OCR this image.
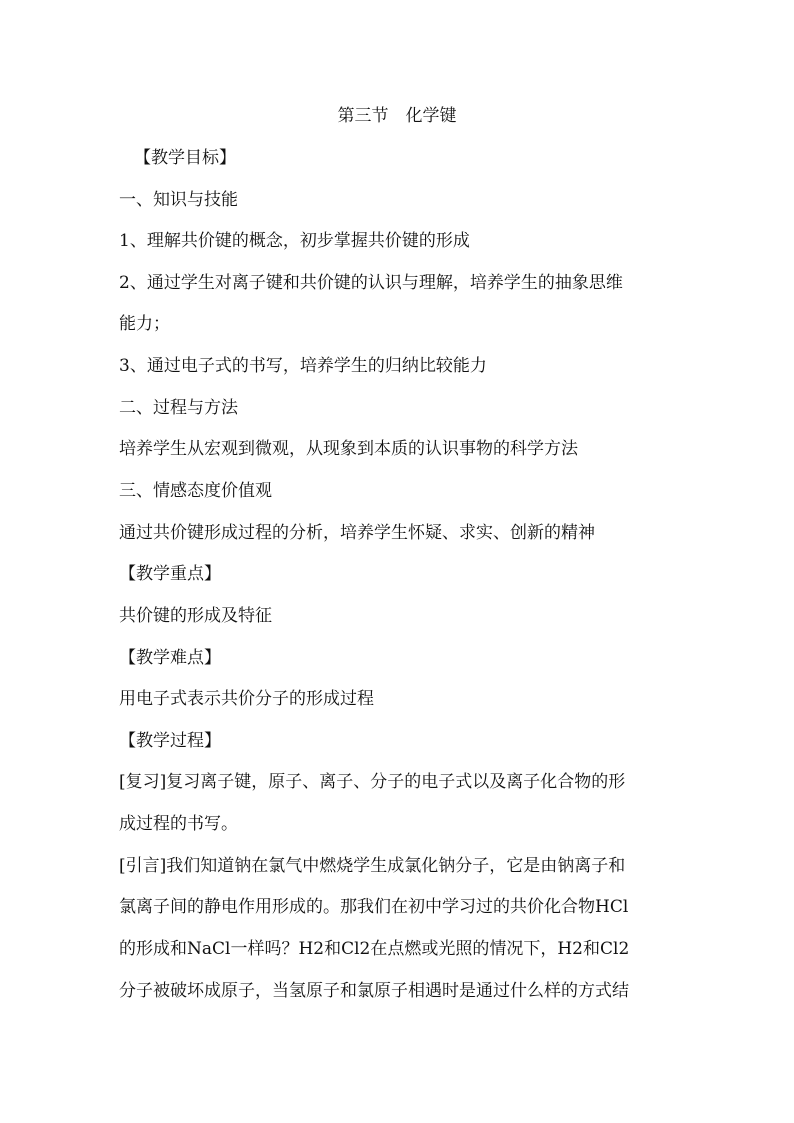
第三节　化学键
【教学目标】
一、知识与技能
1、理解共价键的概念，初步掌握共价键的形成
2、通过学生对离子键和共价键的认识与理解，培养学生的抽象思维
能力；
3、通过电子式的书写，培养学生的归纳比较能力
二、过程与方法
培养学生从宏观到微观，从现象到本质的认识事物的科学方法
三、情感态度价值观
通过共价键形成过程的分析，培养学生怀疑、求实、创新的精神
【教学重点】
共价键的形成及特征
【教学难点】
用电子式表示共价分子的形成过程
【教学过程】
[复习]复习离子键，原子、离子、分子的电子式以及离子化合物的形
成过程的书写。
[引言]我们知道钠在氯气中燃烧学生成氯化钠分子，它是由钠离子和
氯离子间的静电作用形成的。那我们在初中学习过的共价化合物HCl
的形成和NaCl一样吗？H2和Cl2在点燃或光照的情况下，H2和Cl2
分子被破坏成原子，当氢原子和氯原子相遇时是通过什么样的方式结
